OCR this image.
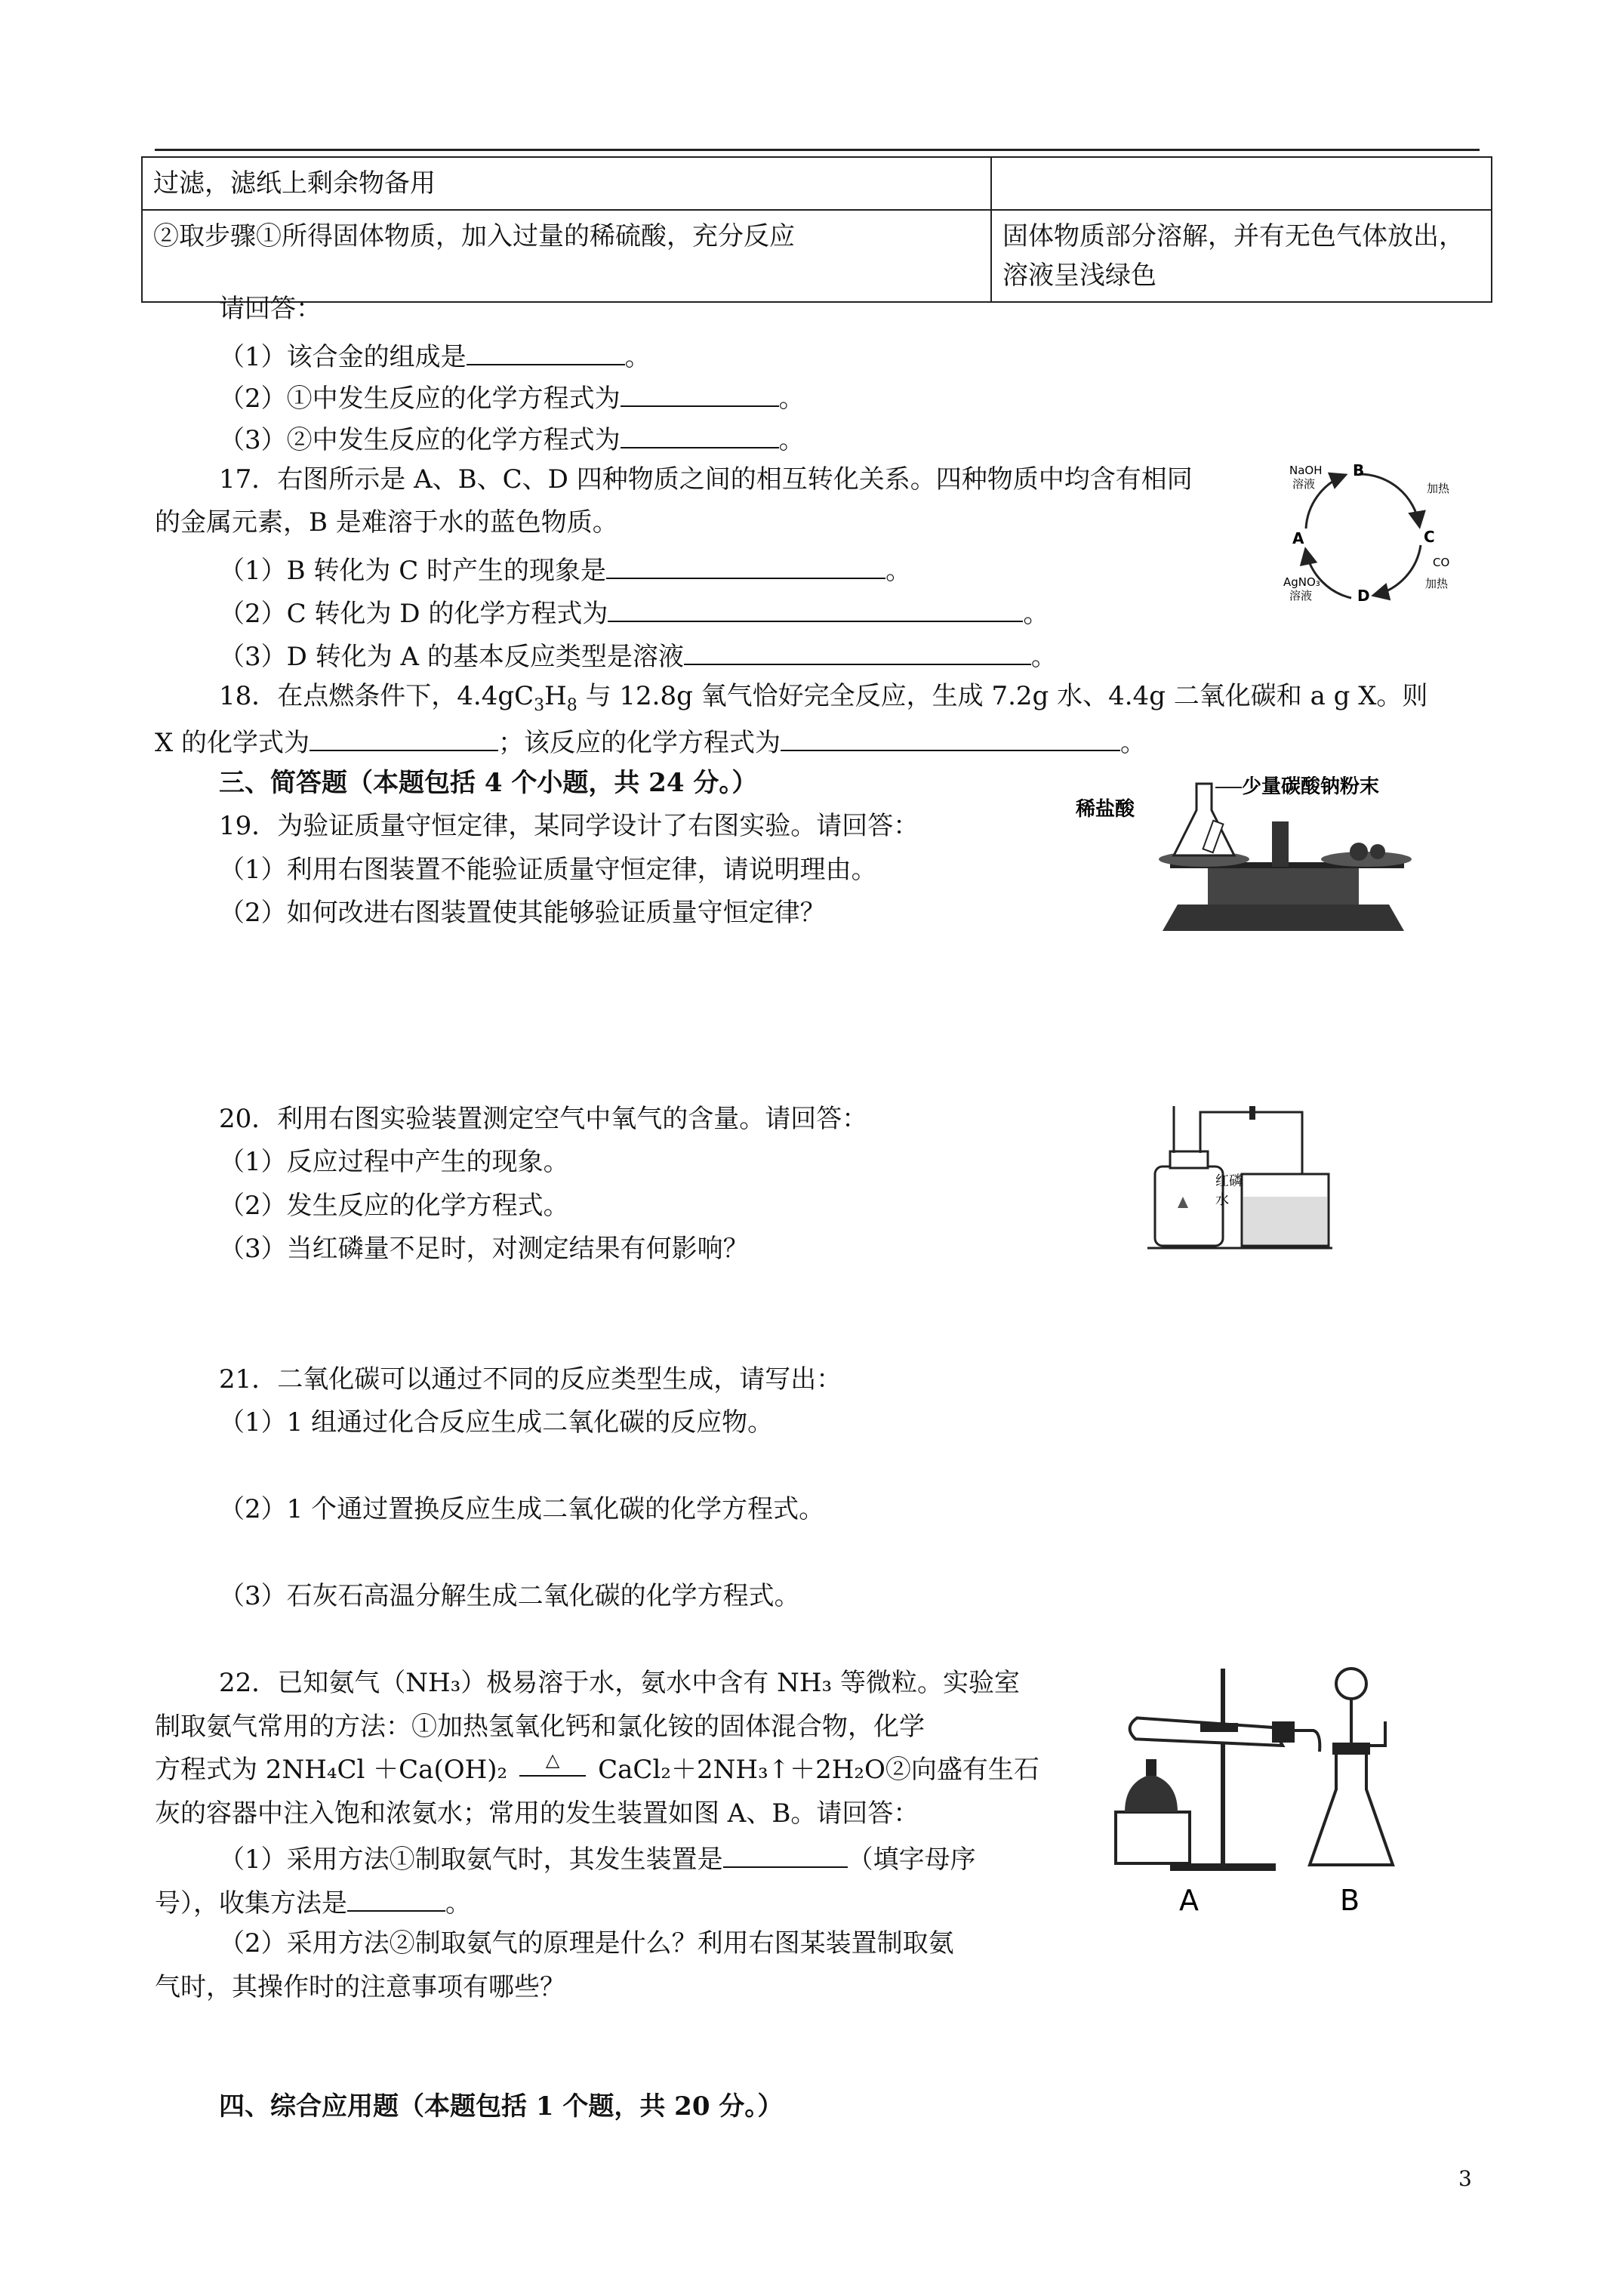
过滤，滤纸上剩余物备用	
②取步骤①所得固体物质，加入过量的稀硫酸，充分反应	固体物质部分溶解，并有无色气体放出，
溶液呈浅绿色
请回答：
（1）该合金的组成是	。
（2）①中发生反应的化学方程式为	。
（3）②中发生反应的化学方程式为	。
17．右图所示是 A、B、C、D 四种物质之间的相互转化关系。四种物质中均含有相同
的金属元素，B 是难溶于水的蓝色物质。
（1）B 转化为 C 时产生的现象是	。
（2）C 转化为 D 的化学方程式为	。
（3）D 转化为 A 的基本反应类型是溶液	。
B
C
D
A
NaOH
溶液	加热
CO
加热
AgNO₃
溶液
18．在点燃条件下，$4.4gC_3H_8$ 与 12.8g 氧气恰好完全反应，生成 7.2g 水、4.4g 二氧化碳和 a g X。则
X 的化学式为	；该反应的化学方程式为	。
三、简答题（本题包括 4 个小题，共 24 分。）
19．为验证质量守恒定律，某同学设计了右图实验。请回答：
（1）利用右图装置不能验证质量守恒定律，请说明理由。
（2）如何改进右图装置使其能够验证质量守恒定律？
稀盐酸
少量碳酸钠粉末
20．利用右图实验装置测定空气中氧气的含量。请回答：
（1）反应过程中产生的现象。
（2）发生反应的化学方程式。
（3）当红磷量不足时，对测定结果有何影响？
红磷
水
21．二氧化碳可以通过不同的反应类型生成，请写出：
（1）1 组通过化合反应生成二氧化碳的反应物。
（2）1 个通过置换反应生成二氧化碳的化学方程式。
（3）石灰石高温分解生成二氧化碳的化学方程式。
22．已知氨气（NH₃）极易溶于水，氨水中含有 NH₃ 等微粒。实验室
制取氨气常用的方法：①加热氢氧化钙和氯化铵的固体混合物，化学
方程式为 2NH₄Cl ＋Ca(OH)₂ △ CaCl₂＋2NH₃↑＋2H₂O②向盛有生石
灰的容器中注入饱和浓氨水；常用的发生装置如图 A、B。请回答：
（1）采用方法①制取氨气时，其发生装置是	（填字母序
号），收集方法是	。
（2）采用方法②制取氨气的原理是什么？利用右图某装置制取氨
气时，其操作时的注意事项有哪些？
A	B
四、综合应用题（本题包括 1 个题，共 20 分。）
3
